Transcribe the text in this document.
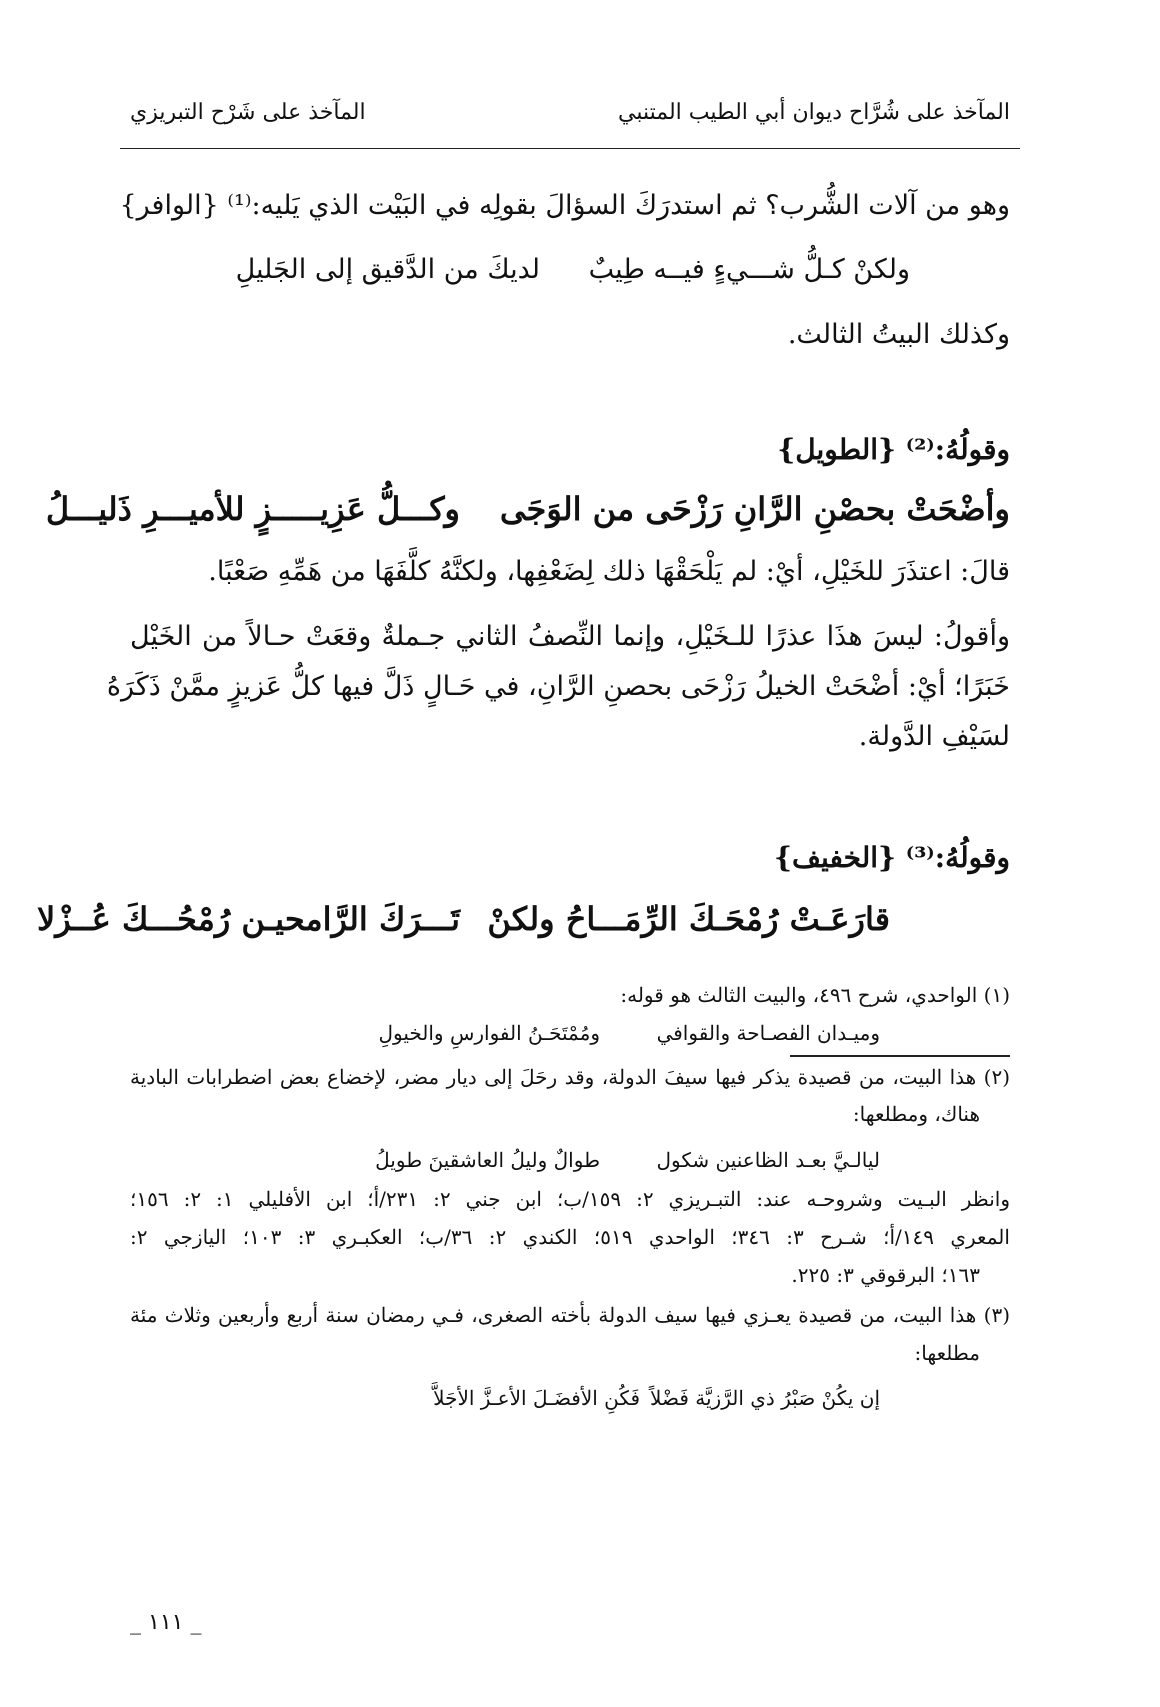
المآخذ على شُرَّاح ديوان أبي الطيب المتنبي
المآخذ على شَرْح التبريزي
وهو من آلات الشُّرب؟ ثم استدرَكَ السؤالَ بقولِه في البَيْت الذي يَليه:⁽¹⁾ {الوافر}
ولكنْ كـلُّ شـــيءٍ فيــه طِيبٌ
لديكَ من الدَّقيق إلى الجَليلِ
وكذلك البيتُ الثالث.
وقولُهُ:⁽²⁾ {الطويل}
وأضْحَتْ بحصْنِ الرَّانِ رَزْحَى من الوَجَى
وكـــلُّ عَزِيـــــزٍ للأميـــرِ ذَليـــلُ
قالَ: اعتذَرَ للخَيْلِ، أيْ: لم يَلْحَقْهَا ذلك لِضَعْفِها، ولكنَّهُ كلَّفَهَا من هَمِّهِ صَعْبًا.
وأقولُ: ليسَ هذَا عذرًا للـخَيْلِ، وإنما النِّصفُ الثاني جـملةٌ وقعَتْ حـالاً من الخَيْل
خَبَرًا؛ أيْ: أضْحَتْ الخيلُ رَزْحَى بحصنِ الرَّانِ، في حَـالٍ ذَلَّ فيها كلُّ عَزيزٍ ممَّنْ ذَكَرَهُ
لسَيْفِ الدَّولة.
وقولُهُ:⁽³⁾ {الخفيف}
قارَعَـتْ رُمْحَـكَ الرِّمَـــاحُ ولكنْ
تَـــرَكَ الرَّامحيـن رُمْحُـــكَ عُــزْلا
(١) الواحدي، شرح ٤٩٦، والبيت الثالث هو قوله:
وميـدان الفصـاحة والقوافي
ومُمْتَحَـنُ الفوارسِ والخيولِ
(٢) هذا البيت، من قصيدة يذكر فيها سيفَ الدولة، وقد رحَلَ إلى ديار مضر، لإخضاع بعض اضطرابات البادية
هناك، ومطلعها:
ليالـيَّ بعـد الظاعنين شكول
طوالٌ وليلُ العاشقينَ طويلُ
وانظر البـيت وشروحـه عند: التبـريزي ٢: ١٥٩/ب؛ ابن جني ٢: ٢٣١/أ؛ ابن الأفليلي ١: ٢: ١٥٦؛
المعري ١٤٩/أ؛ شـرح ٣: ٣٤٦؛ الواحدي ٥١٩؛ الكندي ٢: ٣٦/ب؛ العكبـري ٣: ١٠٣؛ اليازجي ٢:
١٦٣؛ البرقوقي ٣: ٢٢٥.
(٣) هذا البيت، من قصيدة يعـزي فيها سيف الدولة بأخته الصغرى، فـي رمضان سنة أربع وأربعين وثلاث مئة
مطلعها:
إن يكُنْ صَبْرُ ذي الرَّزيَّة فَضْلاً
فَكُنِ الأفضَـلَ الأعـزَّ الأجَلاَّ
_ ١١١ _
